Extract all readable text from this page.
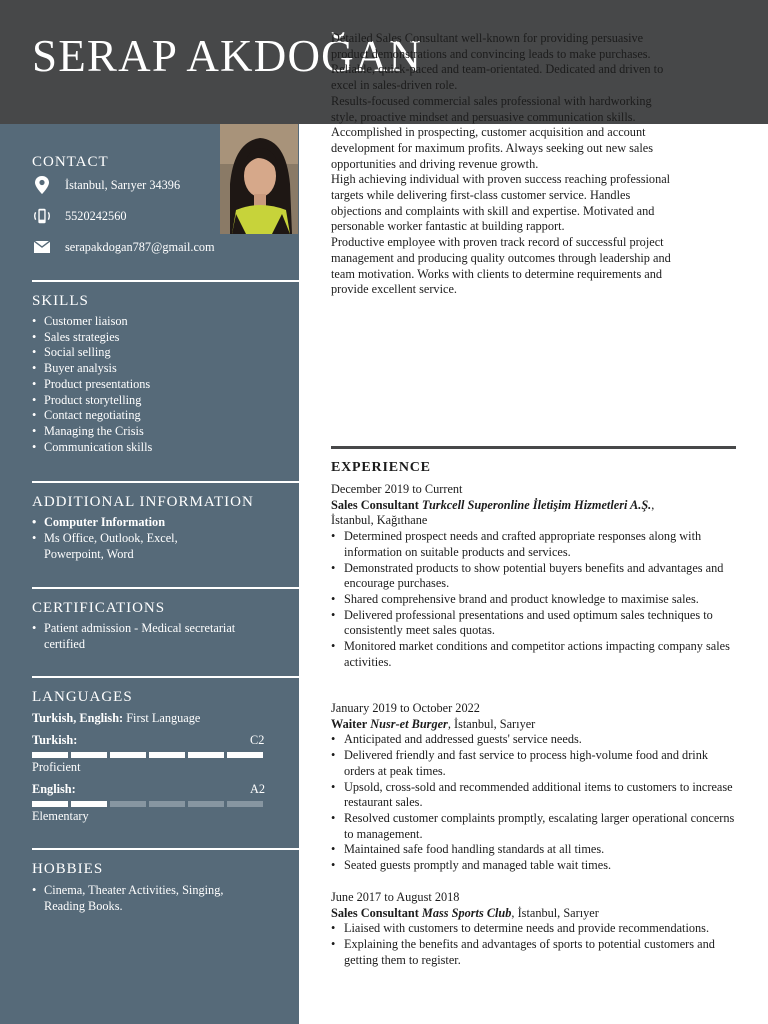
SERAP AKDOĞAN
CONTACT
İstanbul, Sarıyer 34396
5520242560
serapakdogan787@gmail.com
SKILLS
• Customer liaison
• Sales strategies
• Social selling
• Buyer analysis
• Product presentations
• Product storytelling
• Contact negotiating
• Managing the Crisis
• Communication skills
ADDITIONAL INFORMATION
• Computer Information
• Ms Office, Outlook, Excel,
Powerpoint, Word
CERTIFICATIONS
• Patient admission - Medical secretariat
certified
LANGUAGES
Turkish, English: First Language
Turkish:	C2
Proficient
English:	A2
Elementary
HOBBIES
• Cinema, Theater Activities, Singing,
Reading Books.

Detailed Sales Consultant well-known for providing persuasive

product demonstrations and convincing leads to make purchases.

Reliable, quick-paced and team-orientated. Dedicated and driven to

excel in sales-driven role.

Results-focused commercial sales professional with hardworking

style, proactive mindset and persuasive communication skills.

Accomplished in prospecting, customer acquisition and account

development for maximum profits. Always seeking out new sales

opportunities and driving revenue growth.

High achieving individual with proven success reaching professional

targets while delivering first-class customer service. Handles

objections and complaints with skill and expertise. Motivated and

personable worker fantastic at building rapport.

Productive employee with proven track record of successful project

management and producing quality outcomes through leadership and

team motivation. Works with clients to determine requirements and

provide excellent service.

EXPERIENCE
December 2019 to Current
Sales Consultant Turkcell Superonline İletişim Hizmetleri A.Ş.,
İstanbul, Kağıthane
• Determined prospect needs and crafted appropriate responses along with information on suitable products and services.
• Demonstrated products to show potential buyers benefits and advantages and encourage purchases.
• Shared comprehensive brand and product knowledge to maximise sales.
• Delivered professional presentations and used optimum sales techniques to consistently meet sales quotas.
• Monitored market conditions and competitor actions impacting company sales activities.
January 2019 to October 2022
Waiter Nusr-et Burger, İstanbul, Sarıyer
• Anticipated and addressed guests' service needs.
• Delivered friendly and fast service to process high-volume food and drink orders at peak times.
• Upsold, cross-sold and recommended additional items to customers to increase restaurant sales.
• Resolved customer complaints promptly, escalating larger operational concerns to management.
• Maintained safe food handling standards at all times.
• Seated guests promptly and managed table wait times.
June 2017 to August 2018
Sales Consultant Mass Sports Club, İstanbul, Sarıyer
• Liaised with customers to determine needs and provide recommendations.
• Explaining the benefits and advantages of sports to potential customers and getting them to register.
